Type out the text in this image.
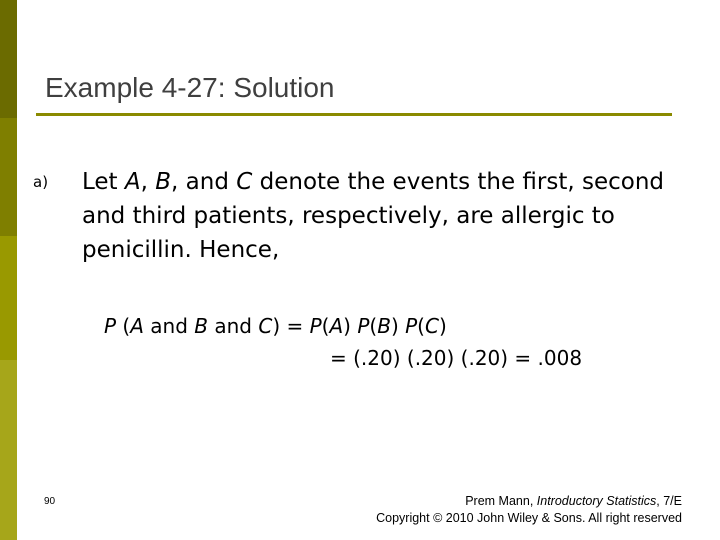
Example 4-27: Solution
a) Let A, B, and C denote the events the first, second and third patients, respectively, are allergic to penicillin. Hence,
P (A and B and C) = P(A) P(B) P(C)
= (.20) (.20) (.20) = .008
90	Prem Mann, Introductory Statistics, 7/E
Copyright © 2010 John Wiley & Sons. All right reserved
